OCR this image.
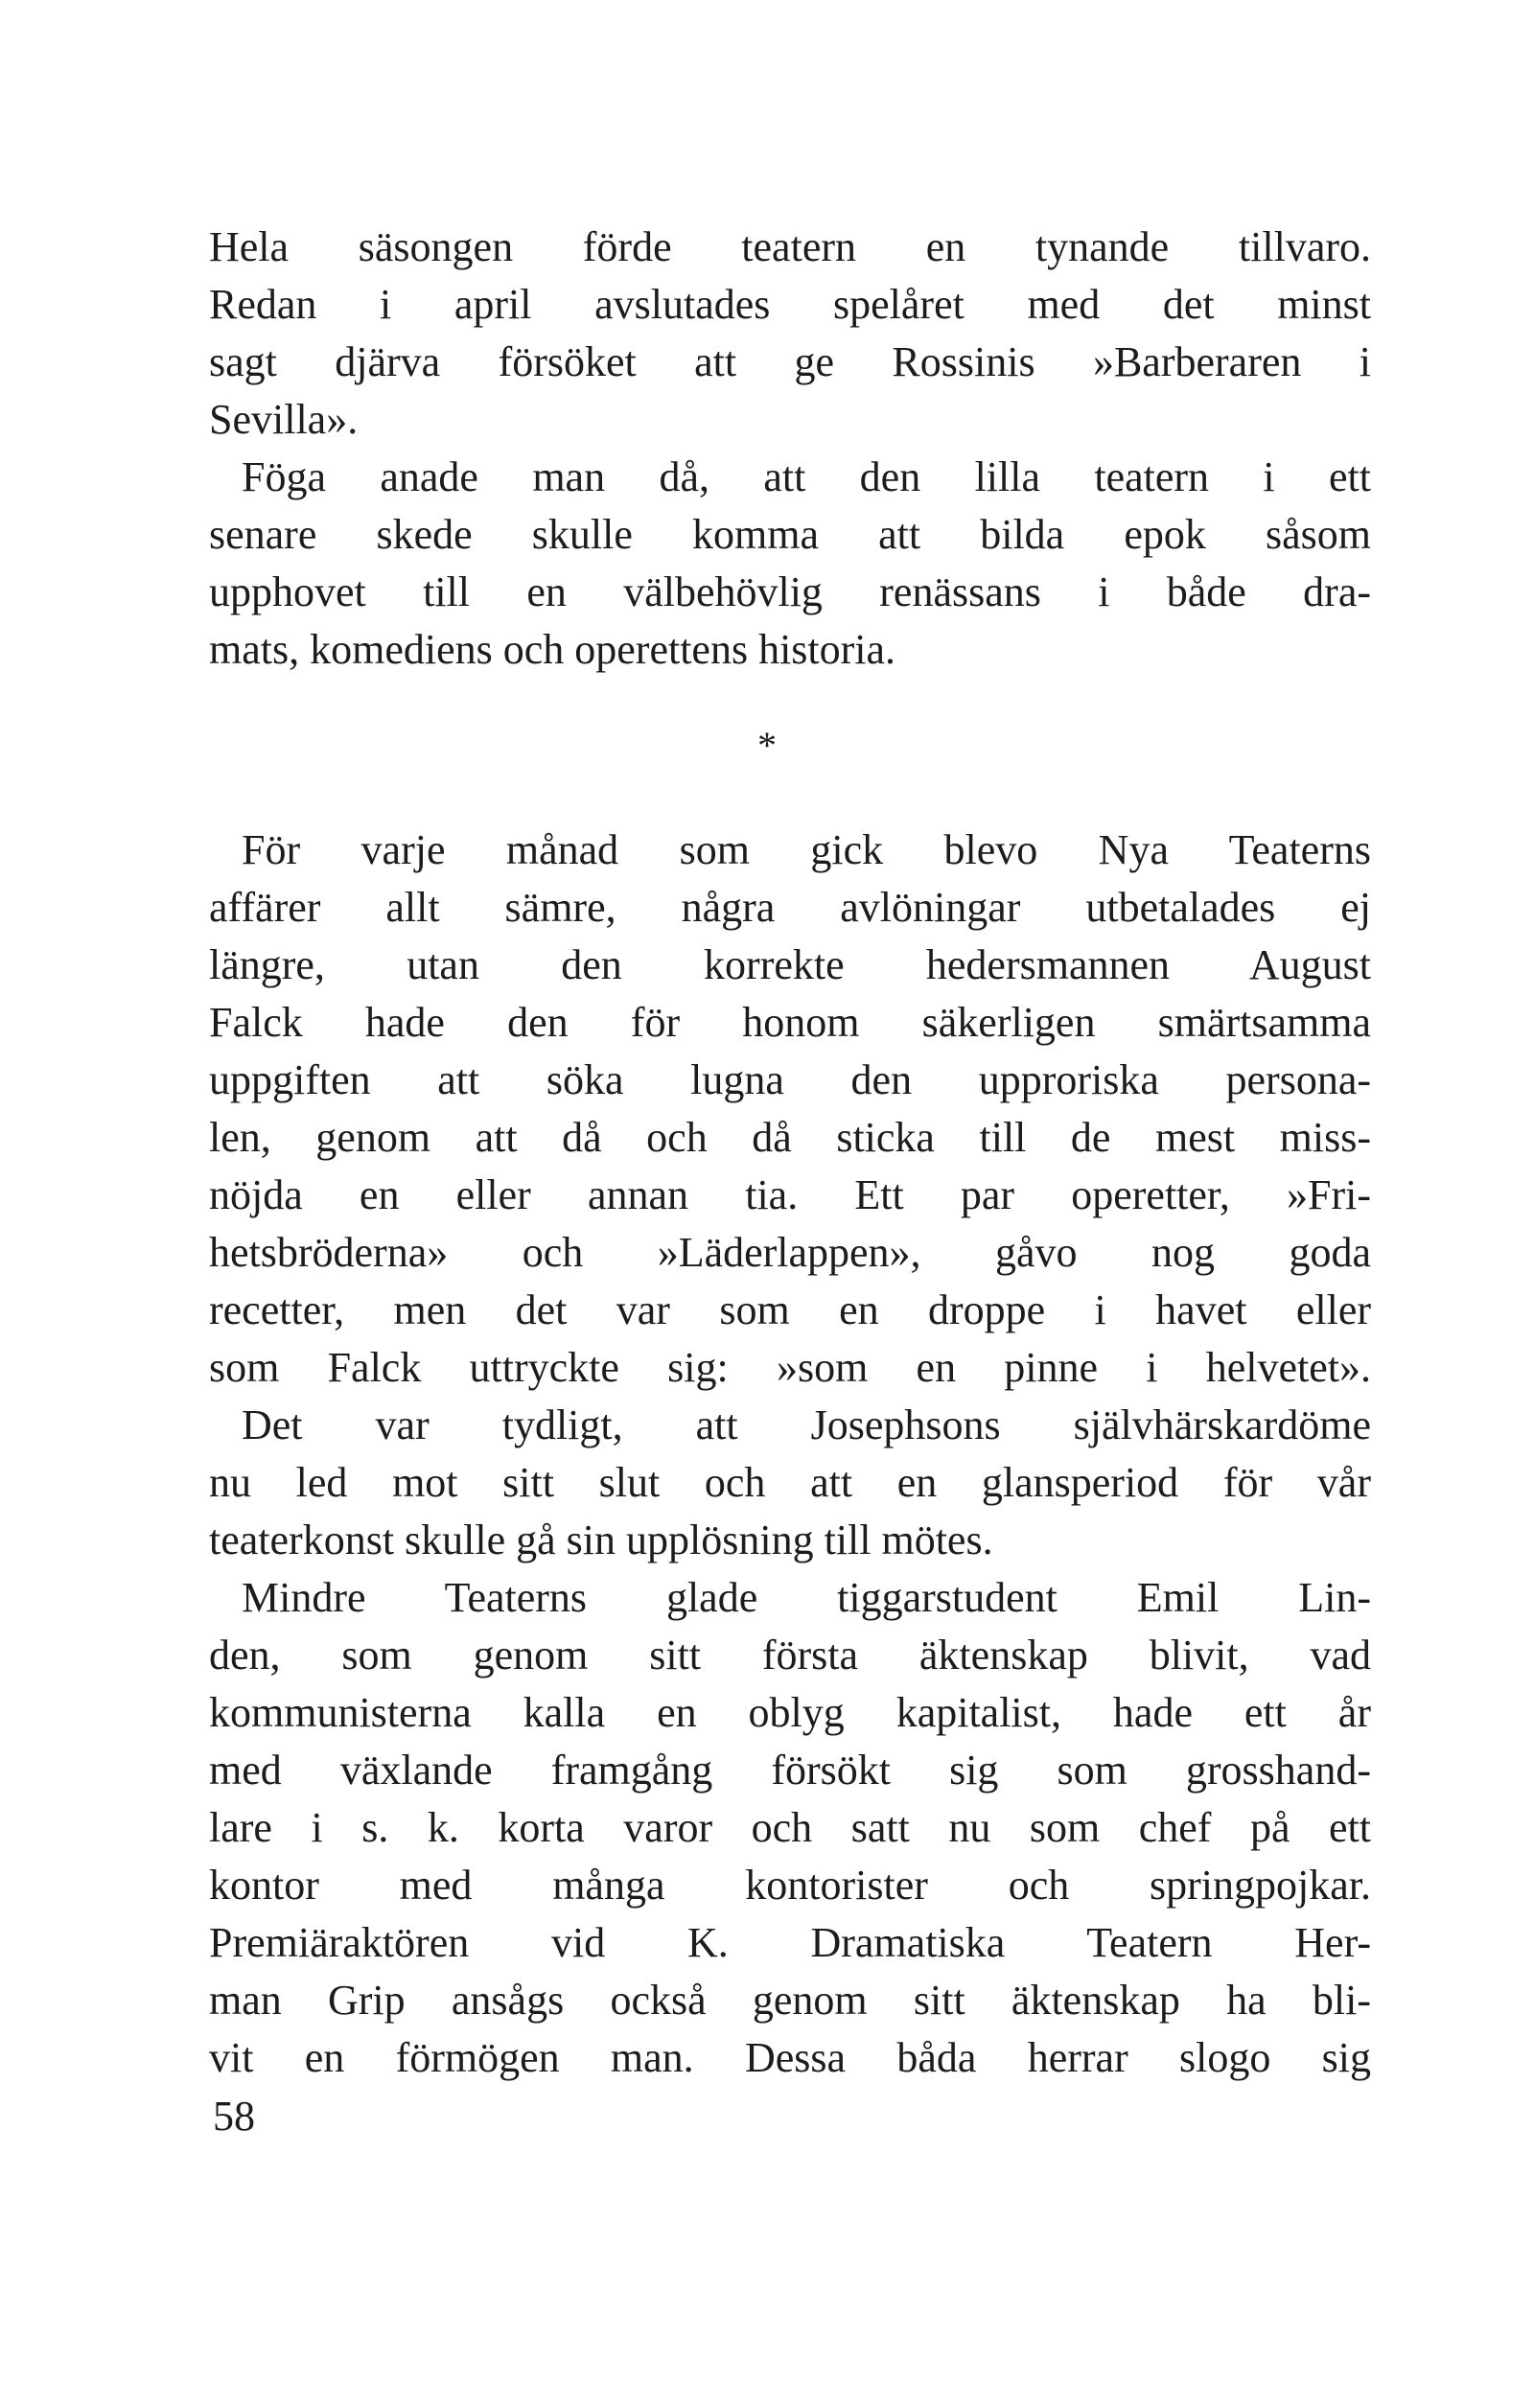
Hela säsongen förde teatern en tynande tillvaro.
Redan i april avslutades spelåret med det minst
sagt djärva försöket att ge Rossinis »Barberaren i
Sevilla».
Föga anade man då, att den lilla teatern i ett
senare skede skulle komma att bilda epok såsom
upphovet till en välbehövlig renässans i både dra-
mats, komediens och operettens historia.
*
För varje månad som gick blevo Nya Teaterns
affärer allt sämre, några avlöningar utbetalades ej
längre, utan den korrekte hedersmannen August
Falck hade den för honom säkerligen smärtsamma
uppgiften att söka lugna den upproriska persona-
len, genom att då och då sticka till de mest miss-
nöjda en eller annan tia. Ett par operetter, »Fri-
hetsbröderna» och »Läderlappen», gåvo nog goda
recetter, men det var som en droppe i havet eller
som Falck uttryckte sig: »som en pinne i helvetet».
Det var tydligt, att Josephsons självhärskardöme
nu led mot sitt slut och att en glansperiod för vår
teaterkonst skulle gå sin upplösning till mötes.
Mindre Teaterns glade tiggarstudent Emil Lin-
den, som genom sitt första äktenskap blivit, vad
kommunisterna kalla en oblyg kapitalist, hade ett år
med växlande framgång försökt sig som grosshand-
lare i s. k. korta varor och satt nu som chef på ett
kontor med många kontorister och springpojkar.
Premiäraktören vid K. Dramatiska Teatern Her-
man Grip ansågs också genom sitt äktenskap ha bli-
vit en förmögen man. Dessa båda herrar slogo sig
58
